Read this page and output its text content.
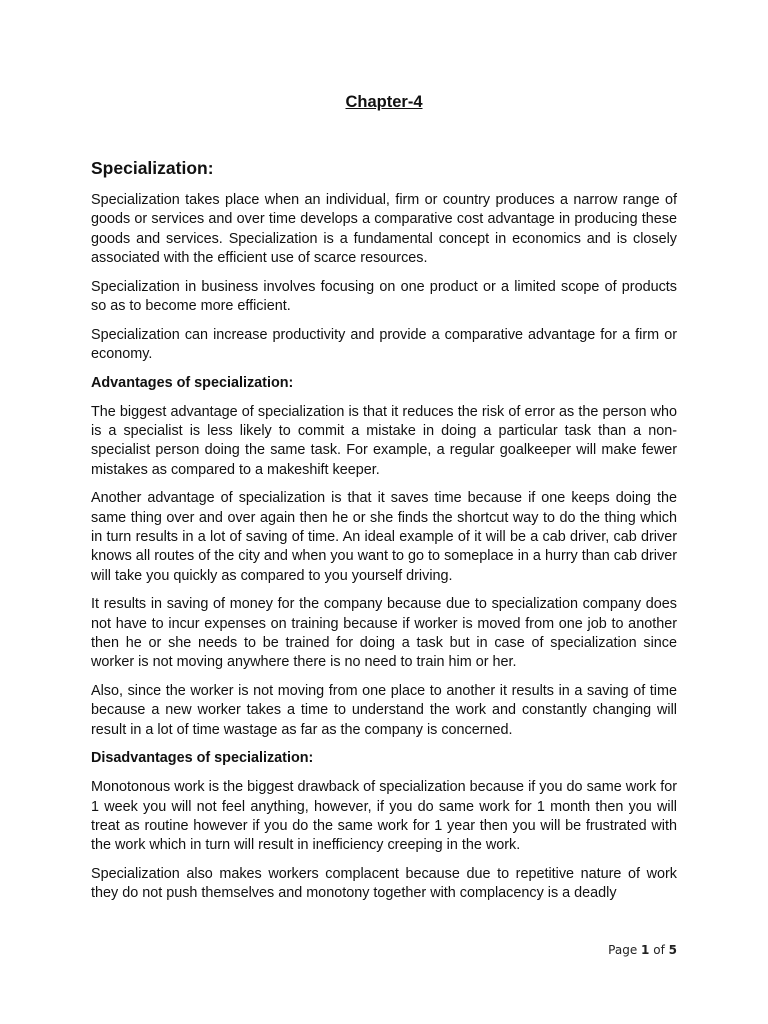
Chapter-4
Specialization:

Specialization takes place when an individual, firm or country produces a narrow range of goods or services and over time develops a comparative cost advantage in producing these goods and services. Specialization is a fundamental concept in economics and is closely associated with the efficient use of scarce resources.

Specialization in business involves focusing on one product or a limited scope of products so as to become more efficient.

Specialization can increase productivity and provide a comparative advantage for a firm or economy.

Advantages of specialization:

The biggest advantage of specialization is that it reduces the risk of error as the person who is a specialist is less likely to commit a mistake in doing a particular task than a non-specialist person doing the same task. For example, a regular goalkeeper will make fewer mistakes as compared to a makeshift keeper.

Another advantage of specialization is that it saves time because if one keeps doing the same thing over and over again then he or she finds the shortcut way to do the thing which in turn results in a lot of saving of time. An ideal example of it will be a cab driver, cab driver knows all routes of the city and when you want to go to someplace in a hurry than cab driver will take you quickly as compared to you yourself driving.

It results in saving of money for the company because due to specialization company does not have to incur expenses on training because if worker is moved from one job to another then he or she needs to be trained for doing a task but in case of specialization since worker is not moving anywhere there is no need to train him or her.

Also, since the worker is not moving from one place to another it results in a saving of time because a new worker takes a time to understand the work and constantly changing will result in a lot of time wastage as far as the company is concerned.

Disadvantages of specialization:

Monotonous work is the biggest drawback of specialization because if you do same work for 1 week you will not feel anything, however, if you do same work for 1 month then you will treat as routine however if you do the same work for 1 year then you will be frustrated with the work which in turn will result in inefficiency creeping in the work.

Specialization also makes workers complacent because due to repetitive nature of work they do not push themselves and monotony together with complacency is a deadly

Page 1 of 5
